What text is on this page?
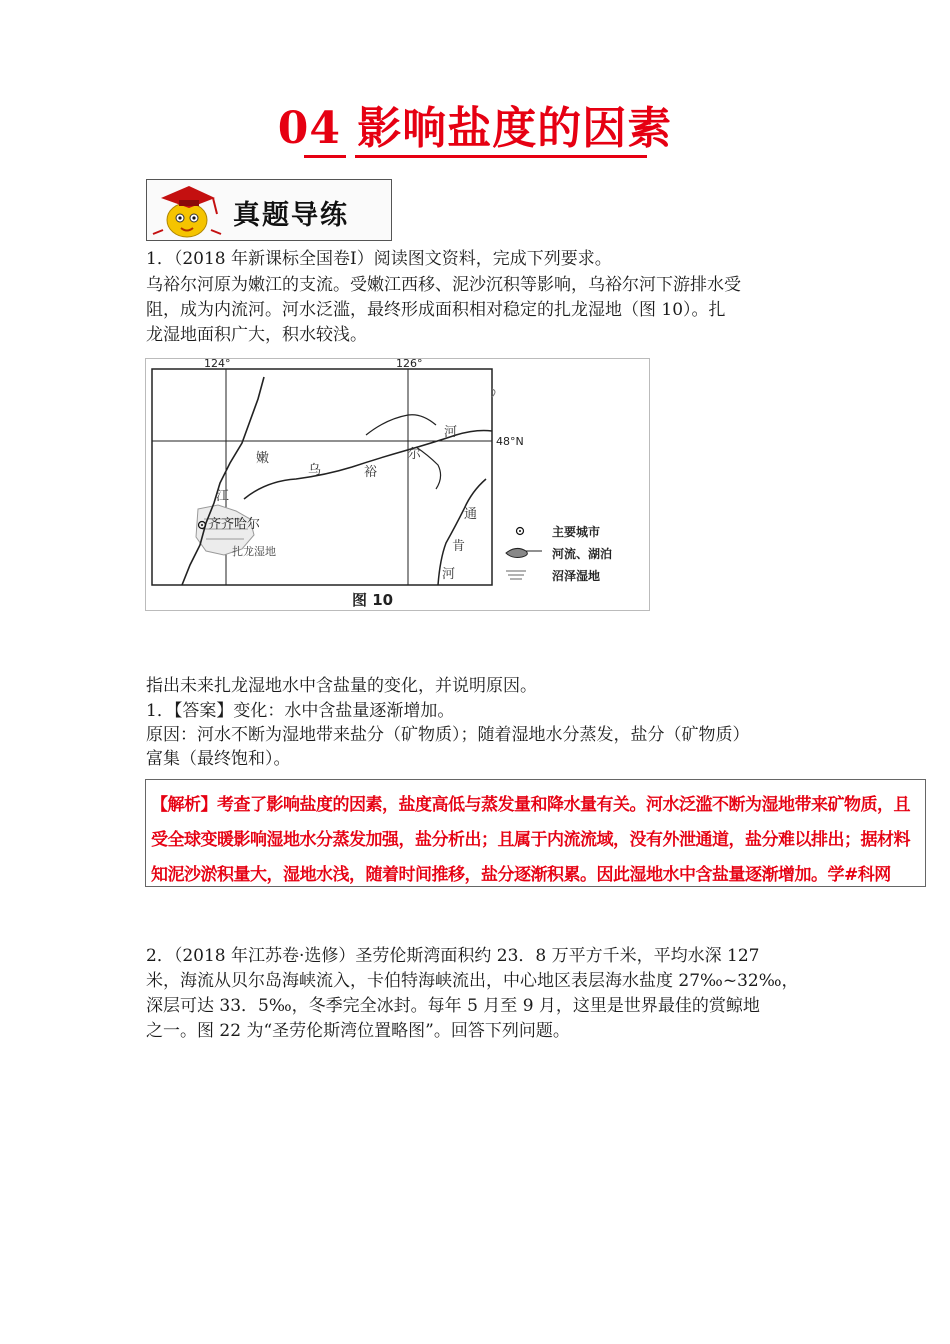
04 影响盐度的因素
真题导练
1．（2018 年新课标全国卷Ⅰ）阅读图文资料，完成下列要求。
乌裕尔河原为嫩江的支流。受嫩江西移、泥沙沉积等影响，乌裕尔河下游排水受
阻，成为内流河。河水泛滥，最终形成面积相对稳定的扎龙湿地（图 10）。扎
龙湿地面积广大，积水较浅。
124°	126°
48°N
嫩
江
乌	裕
尔
河
通
肯
河
齐齐哈尔
扎龙湿地
图 10
主要城市
河流、湖泊
沼泽湿地
指出未来扎龙湿地水中含盐量的变化，并说明原因。
1．【答案】变化：水中含盐量逐渐增加。
原因：河水不断为湿地带来盐分（矿物质）；随着湿地水分蒸发，盐分（矿物质）
富集（最终饱和）。
【解析】考查了影响盐度的因素，盐度高低与蒸发量和降水量有关。河水泛滥不断为湿地带来矿物质，且
受全球变暖影响湿地水分蒸发加强，盐分析出；且属于内流流域，没有外泄通道，盐分难以排出；据材料
知泥沙淤积量大，湿地水浅，随着时间推移，盐分逐渐积累。因此湿地水中含盐量逐渐增加。学#科网
2．（2018 年江苏卷·选修）圣劳伦斯湾面积约 23．8 万平方千米，平均水深 127
米，海流从贝尔岛海峡流入，卡伯特海峡流出，中心地区表层海水盐度 27‰~32‰，
深层可达 33．5‰，冬季完全冰封。每年 5 月至 9 月，这里是世界最佳的赏鲸地
之一。图 22 为“圣劳伦斯湾位置略图”。回答下列问题。
